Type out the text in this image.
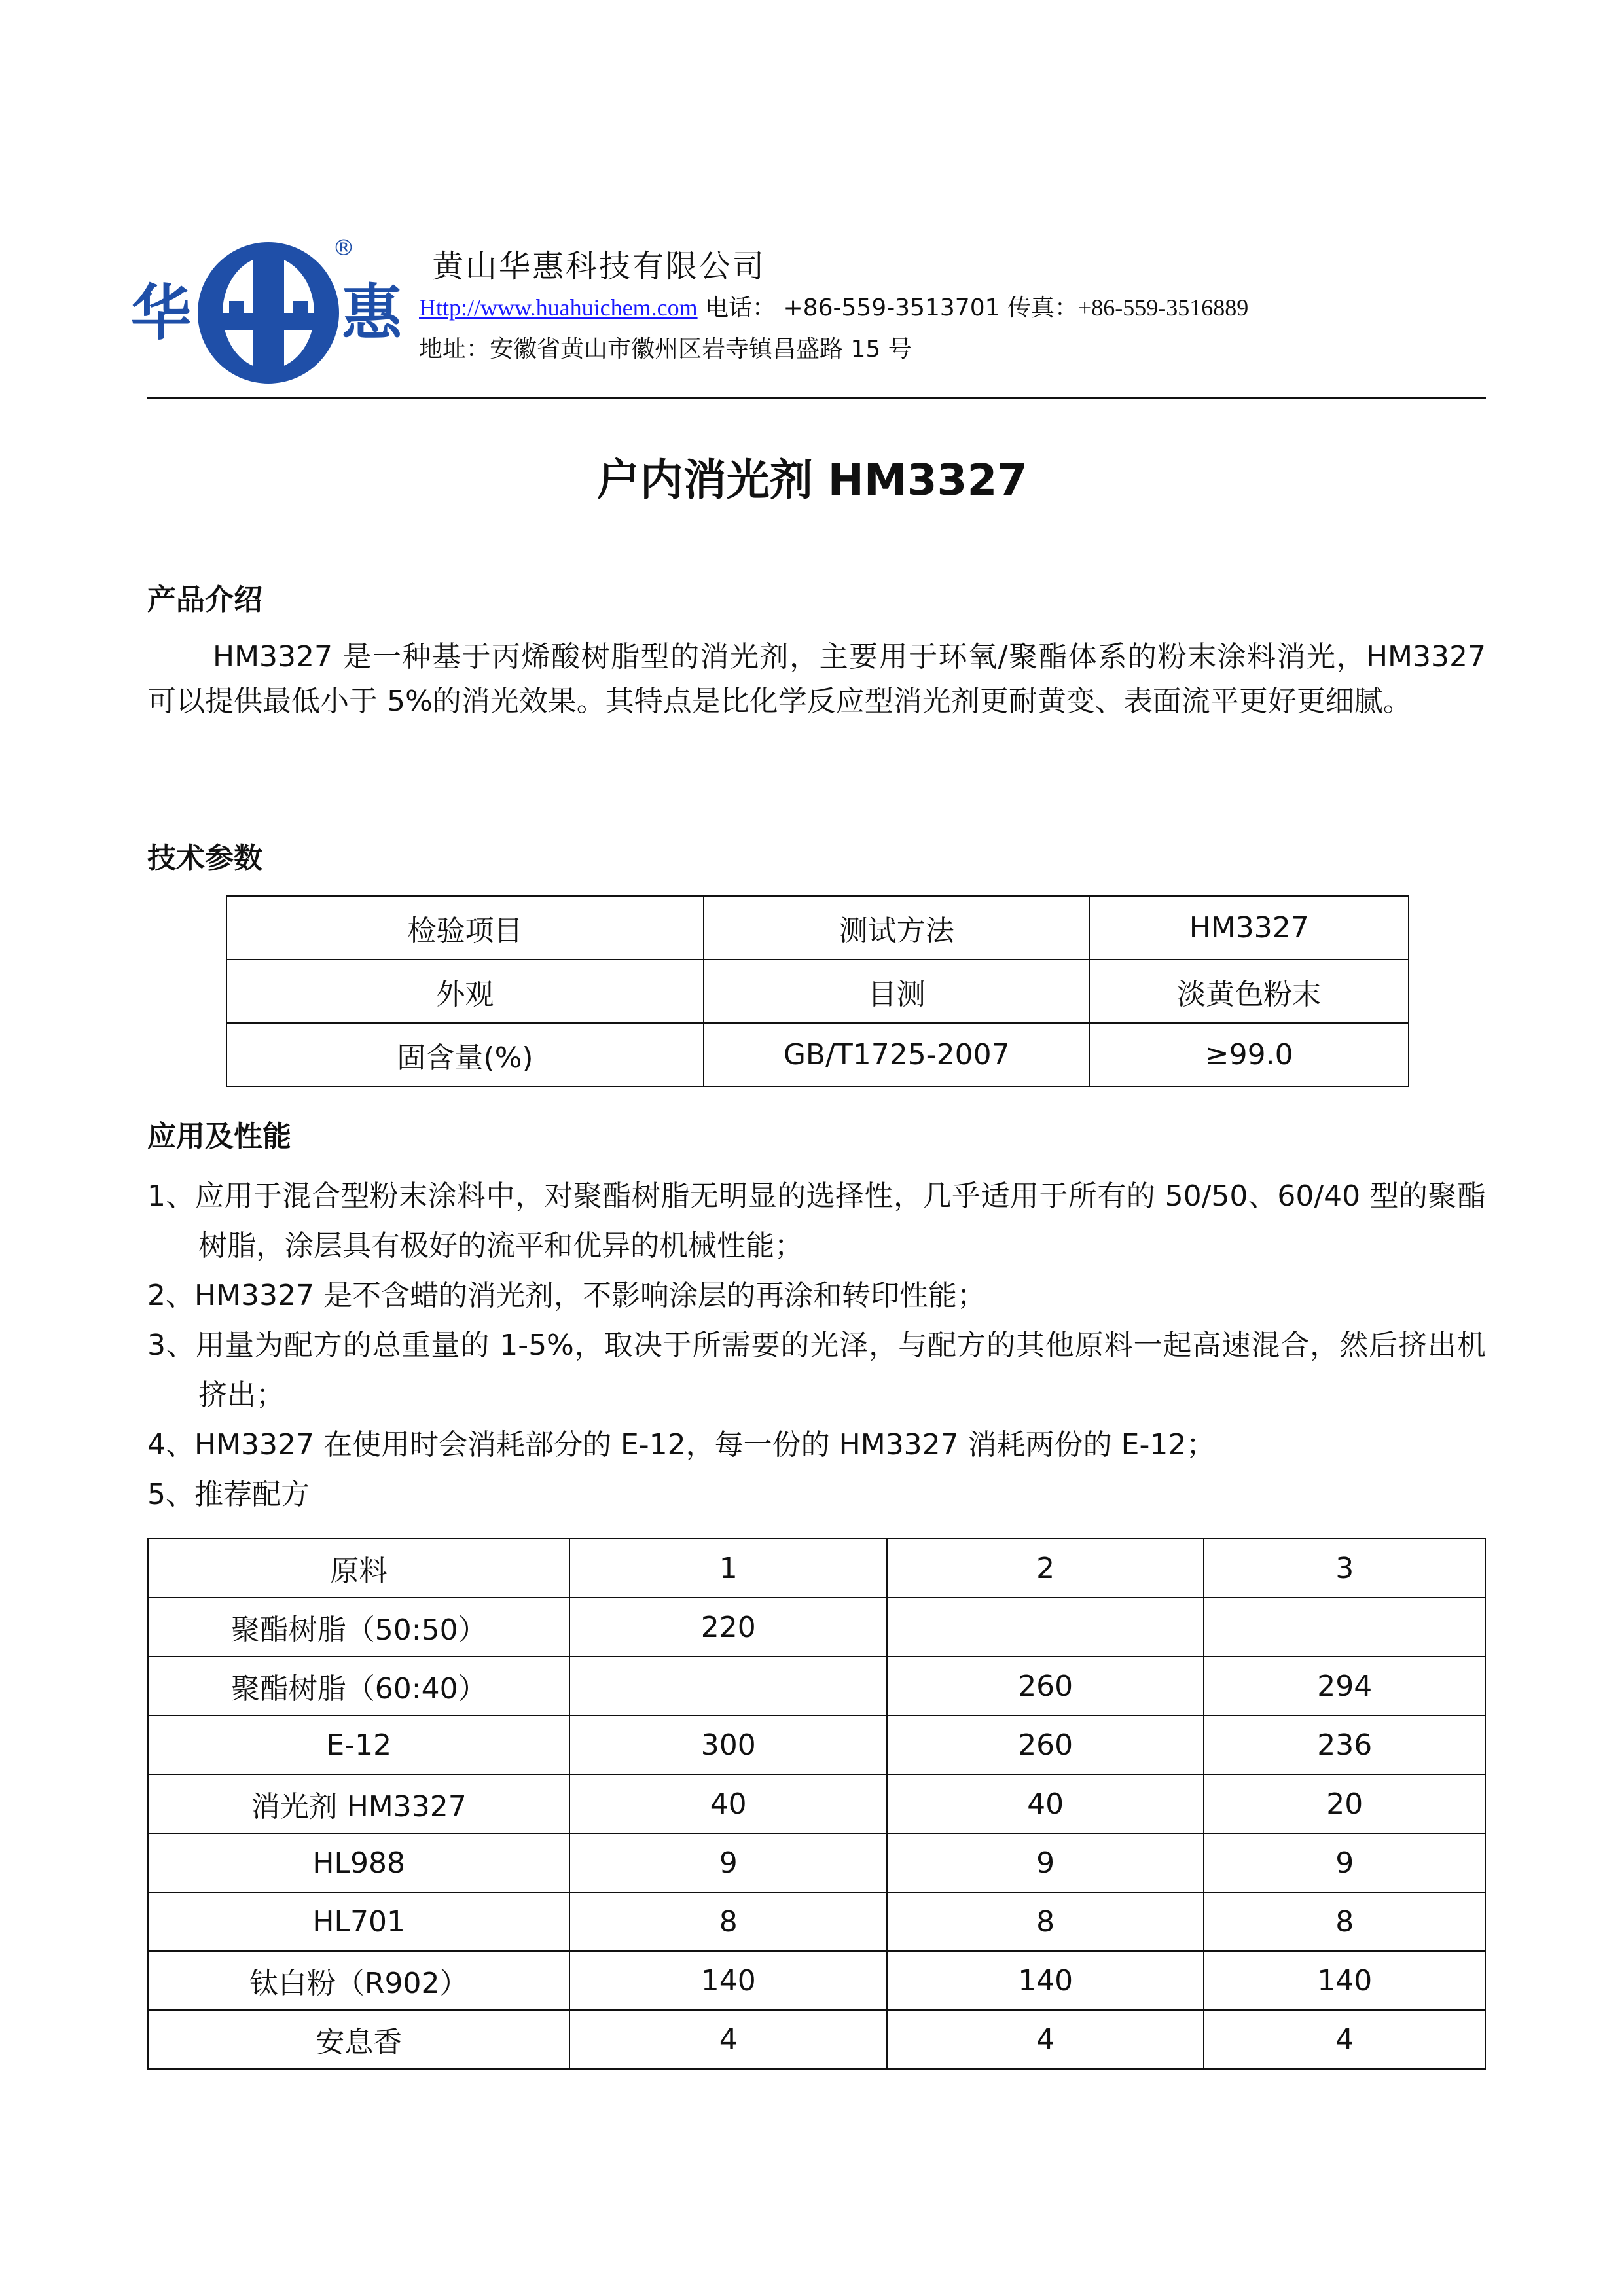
华 惠
® 黄山华惠科技有限公司
Http://www.huahuichem.com 电话： +86-559-3513701 传真：+86-559-3516889
地址：安徽省黄山市徽州区岩寺镇昌盛路 15 号
户内消光剂 HM3327
产品介绍
HM3327 是一种基于丙烯酸树脂型的消光剂，主要用于环氧/聚酯体系的粉末涂料消光，HM3327 可以提供最低小于 5%的消光效果。其特点是比化学反应型消光剂更耐黄变、表面流平更好更细腻。
技术参数
检验项目	测试方法	HM3327
外观	目测	淡黄色粉末
固含量(%)	GB/T1725-2007	≥99.0
应用及性能
1、应用于混合型粉末涂料中，对聚酯树脂无明显的选择性，几乎适用于所有的 50/50、60/40 型的聚酯树脂，涂层具有极好的流平和优异的机械性能；
2、HM3327 是不含蜡的消光剂，不影响涂层的再涂和转印性能；
3、用量为配方的总重量的 1-5%，取决于所需要的光泽，与配方的其他原料一起高速混合，然后挤出机挤出；
4、HM3327 在使用时会消耗部分的 E-12，每一份的 HM3327 消耗两份的 E-12；
5、推荐配方
原料	1	2	3
聚酯树脂（50:50）	220		
聚酯树脂（60:40）		260	294
E-12	300	260	236
消光剂 HM3327	40	40	20
HL988	9	9	9
HL701	8	8	8
钛白粉（R902）	140	140	140
安息香	4	4	4
